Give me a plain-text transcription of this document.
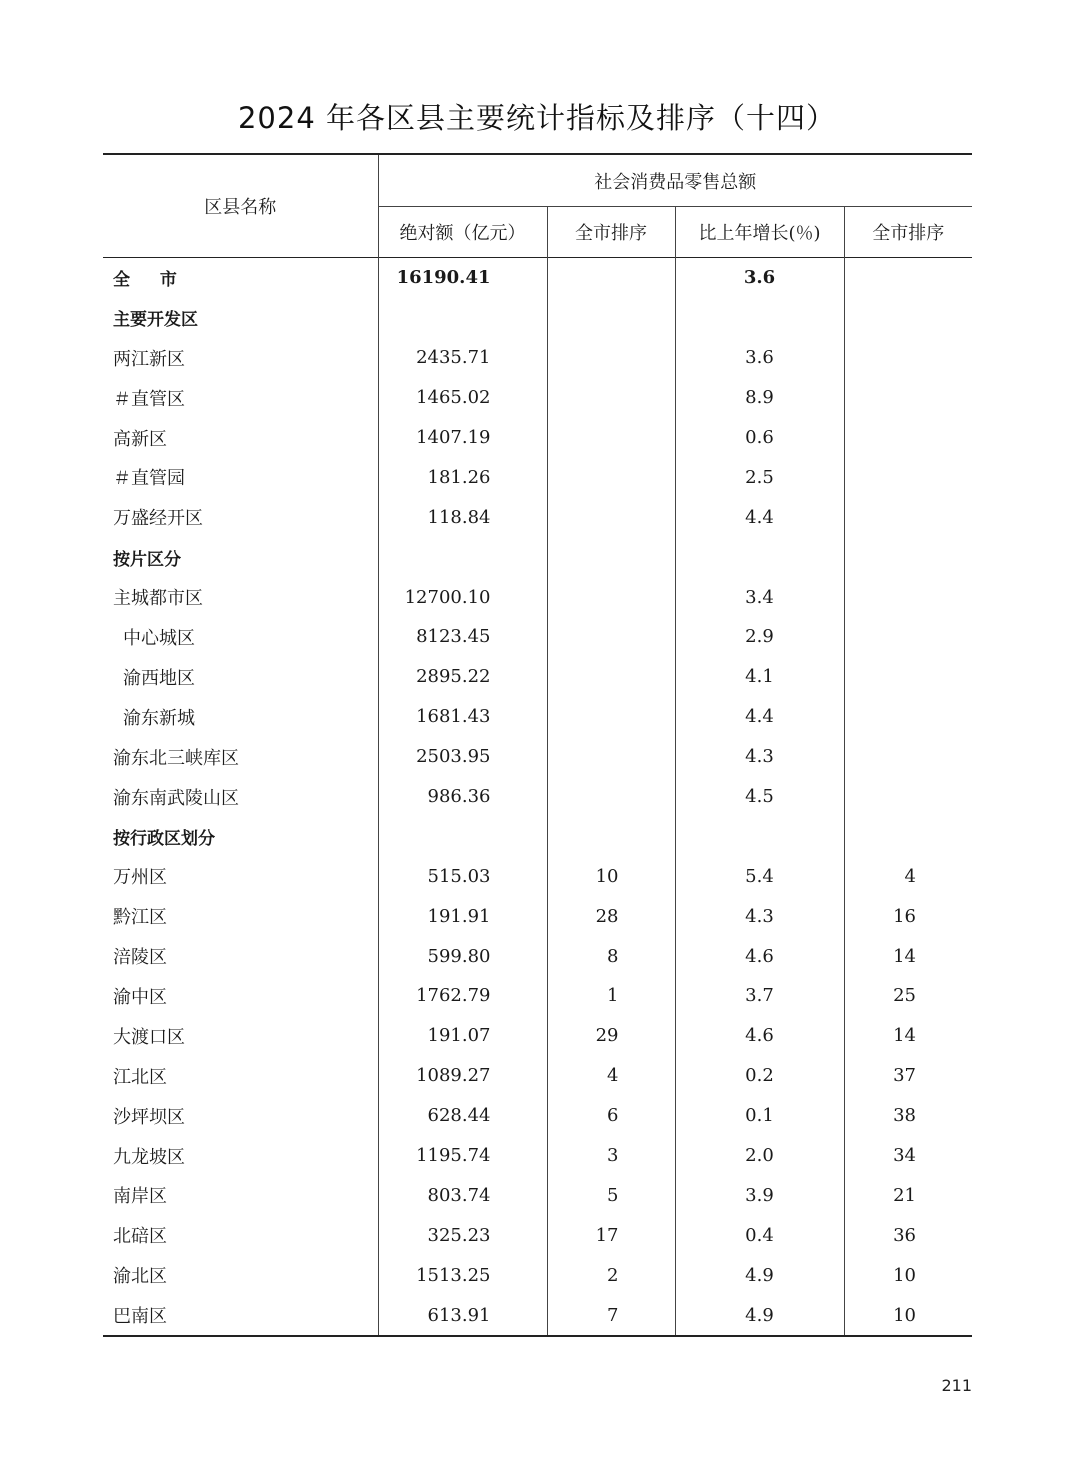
2024 年各区县主要统计指标及排序（十四）
区县名称	社会消费品零售总额			
	绝对额（亿元）	全市排序	比上年增长(％)	全市排序
全 市	16190.41		3.6	
主要开发区				
两江新区	2435.71		3.6	
＃直管区	1465.02		8.9	
高新区	1407.19		0.6	
＃直管园	181.26		2.5	
万盛经开区	118.84		4.4	
按片区分				
主城都市区	12700.10		3.4	
中心城区	8123.45		2.9	
渝西地区	2895.22		4.1	
渝东新城	1681.43		4.4	
渝东北三峡库区	2503.95		4.3	
渝东南武陵山区	986.36		4.5	
按行政区划分				
万州区	515.03	10	5.4	4
黔江区	191.91	28	4.3	16
涪陵区	599.80	8	4.6	14
渝中区	1762.79	1	3.7	25
大渡口区	191.07	29	4.6	14
江北区	1089.27	4	0.2	37
沙坪坝区	628.44	6	0.1	38
九龙坡区	1195.74	3	2.0	34
南岸区	803.74	5	3.9	21
北碚区	325.23	17	0.4	36
渝北区	1513.25	2	4.9	10
巴南区	613.91	7	4.9	10
211
